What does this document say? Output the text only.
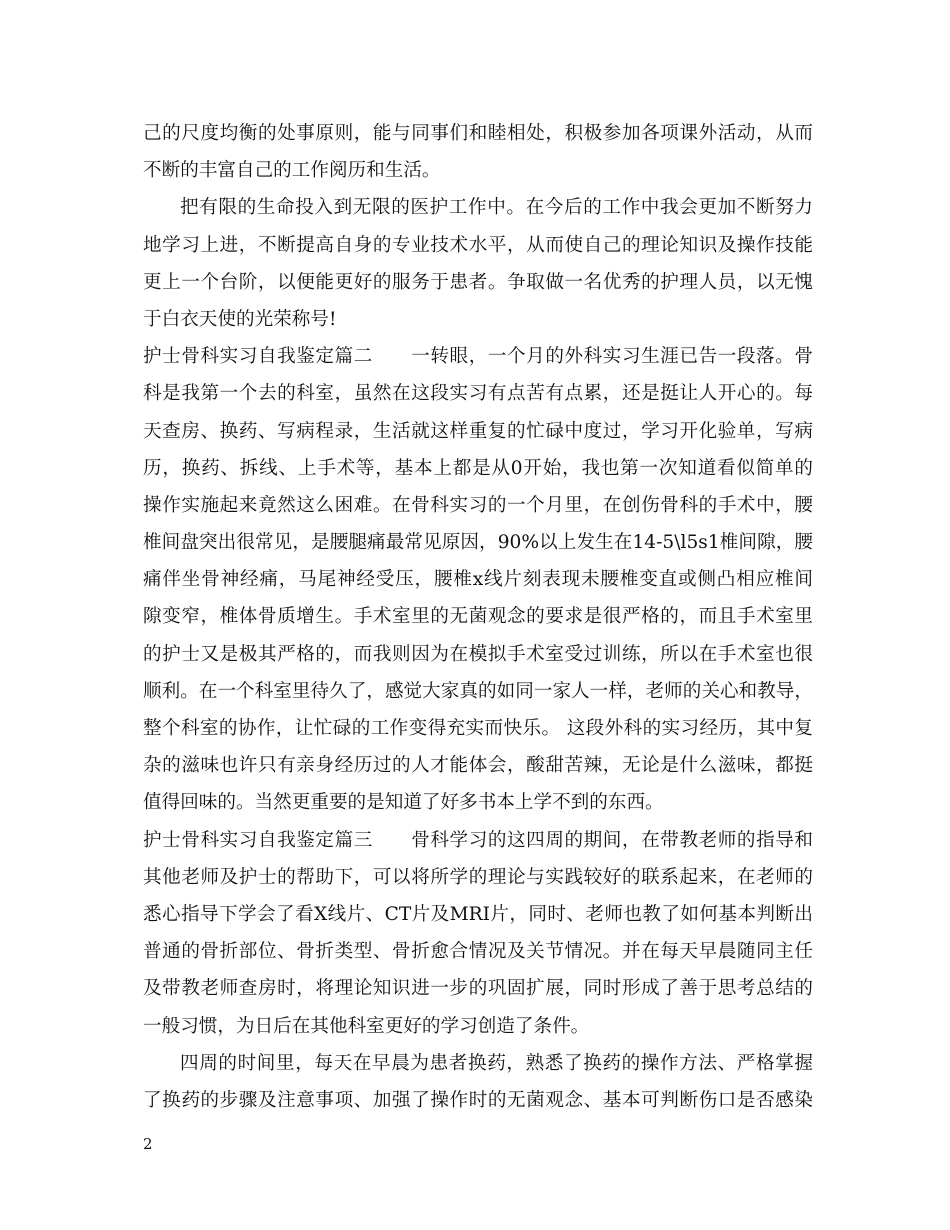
己的尺度均衡的处事原则，能与同事们和睦相处，积极参加各项课外活动，从而
不断的丰富自己的工作阅历和生活。
把有限的生命投入到无限的医护工作中。在今后的工作中我会更加不断努力
地学习上进，不断提高自身的专业技术水平，从而使自己的理论知识及操作技能
更上一个台阶，以便能更好的服务于患者。争取做一名优秀的护理人员，以无愧
于白衣天使的光荣称号!
护士骨科实习自我鉴定篇二　　一转眼，一个月的外科实习生涯已告一段落。骨
科是我第一个去的科室，虽然在这段实习有点苦有点累，还是挺让人开心的。每
天查房、换药、写病程录，生活就这样重复的忙碌中度过，学习开化验单，写病
历，换药、拆线、上手术等，基本上都是从0开始，我也第一次知道看似简单的
操作实施起来竟然这么困难。在骨科实习的一个月里，在创伤骨科的手术中，腰
椎间盘突出很常见，是腰腿痛最常见原因，90%以上发生在14-5\l5s1椎间隙，腰
痛伴坐骨神经痛，马尾神经受压，腰椎x线片刻表现未腰椎变直或侧凸相应椎间
隙变窄，椎体骨质增生。手术室里的无菌观念的要求是很严格的，而且手术室里
的护士又是极其严格的，而我则因为在模拟手术室受过训练，所以在手术室也很
顺利。在一个科室里待久了，感觉大家真的如同一家人一样，老师的关心和教导，
整个科室的协作，让忙碌的工作变得充实而快乐。 这段外科的实习经历，其中复
杂的滋味也许只有亲身经历过的人才能体会，酸甜苦辣，无论是什么滋味，都挺
值得回味的。当然更重要的是知道了好多书本上学不到的东西。
护士骨科实习自我鉴定篇三　　骨科学习的这四周的期间，在带教老师的指导和
其他老师及护士的帮助下，可以将所学的理论与实践较好的联系起来，在老师的
悉心指导下学会了看X线片、CT片及MRI片，同时、老师也教了如何基本判断出
普通的骨折部位、骨折类型、骨折愈合情况及关节情况。并在每天早晨随同主任
及带教老师查房时，将理论知识进一步的巩固扩展，同时形成了善于思考总结的
一般习惯，为日后在其他科室更好的学习创造了条件。
四周的时间里，每天在早晨为患者换药，熟悉了换药的操作方法、严格掌握
了换药的步骤及注意事项、加强了操作时的无菌观念、基本可判断伤口是否感染
2
